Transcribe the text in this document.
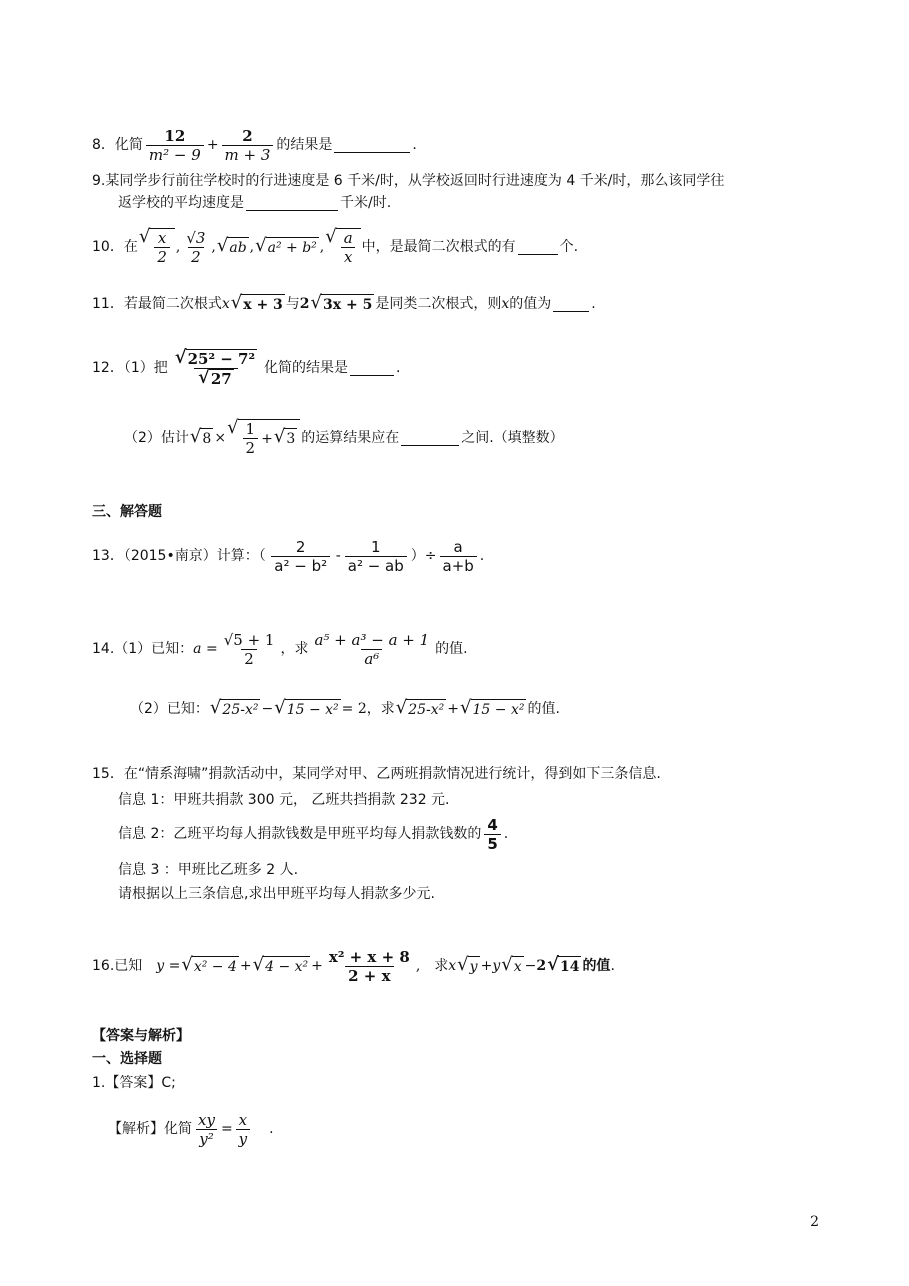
8．化简 $\frac{12}{\text{m² − 9}} + \frac{2}{m + 3}$ 的结果是	.
9.某同学步行前往学校时的行进速度是 6 千米/时，从学校返回时行进速度为 4 千米/时，那么该同学往
返学校的平均速度是	千米/时.
10．在 √ $\frac{x}{2}$ , $\frac{√3}{2}$ , √ ab , √ a² + b² , √ $\frac{a}{x}$ 中，是最简二次根式的有	个.
11．若最简二次根式 x √ x + 3 与 2 √ 3x + 5 是同类二次根式，则 x 的值为	.
12．（1）把 $\frac{\text{√ 25² − 7²}}{√ 27}$ 化简的结果是	.
（2）估计 √ 8 × √ $\frac{1}{2}$ + √ 3 的运算结果应在	之间.（填整数）
三、解答题
13．（2015•南京）计算：（ $\frac{2}{\text{a² − b²}} - \frac{1}{\text{a² − ab}}$ ）÷ $\frac{a}{a+b}$ .
14.（1）已知： $a = \frac{√5 + 1}{2}$ ，求 $\frac{\text{a⁵ + a³ − a + 1}}{\text{a⁶}}$ 的值.
（2）已知： √ 25-x² − √ 15 − x² = 2 ，求 √ 25-x² + √ 15 − x² 的值.
15．在“情系海啸”捐款活动中，某同学对甲、乙两班捐款情况进行统计，得到如下三条信息.
信息 1：甲班共捐款 300 元， 乙班共挡捐款 232 元.
信息 2：乙班平均每人捐款钱数是甲班平均每人捐款钱数的 $\frac{4}{5}$ .
信息 3 ：甲班比乙班多 2 人.
请根据以上三条信息,求出甲班平均每人捐款多少元.
16.已知 y = √ x² − 4 + √ $4 - x^2 + \frac{\text{x² + x + 8}}{2 + x}$ , 求 x √ y + y √ x − 2 √ 14 的值 .
【答案与解析】
一、选择题
1.【答案】C;
【解析】化简 $\frac{xy}{\text{y²}} = \frac{x}{y}$ .
2
